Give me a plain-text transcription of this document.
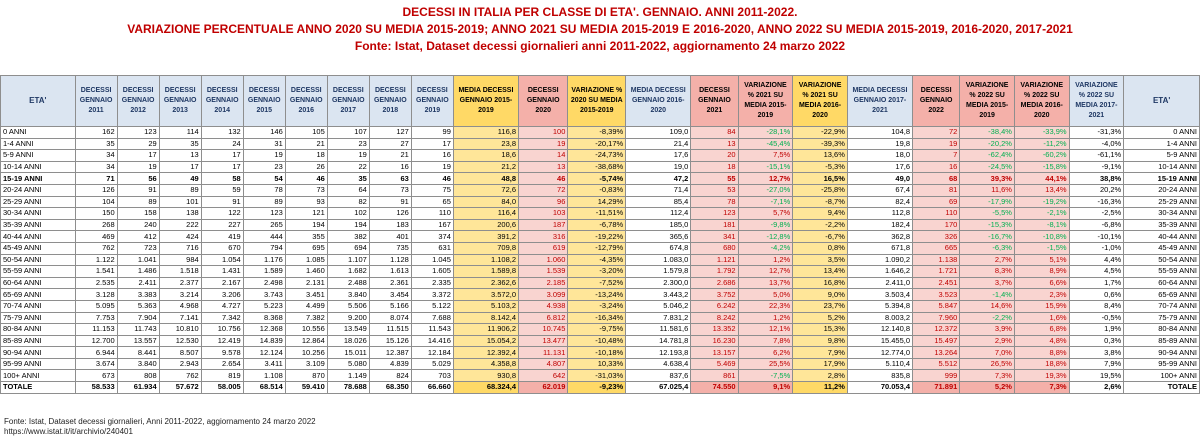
DECESSI IN ITALIA PER CLASSE DI ETA'. GENNAIO. ANNI 2011-2022.
VARIAZIONE PERCENTUALE ANNO 2020 SU MEDIA 2015-2019; ANNO 2021 SU MEDIA 2015-2019 E 2016-2020, ANNO 2022 SU MEDIA 2015-2019, 2016-2020, 2017-2021
Fonte: Istat, Dataset decessi giornalieri anni 2011-2022, aggiornamento 24 marzo 2022
ETA'	DECESSI GENNAIO 2011	DECESSI GENNAIO 2012	DECESSI GENNAIO 2013	DECESSI GENNAIO 2014	DECESSI GENNAIO 2015	DECESSI GENNAIO 2016	DECESSI GENNAIO 2017	DECESSI GENNAIO 2018	DECESSI GENNAIO 2019	MEDIA DECESSI GENNAIO 2015-2019	DECESSI GENNAIO 2020	VARIAZIONE % 2020 SU MEDIA 2015-2019	MEDIA DECESSI GENNAIO 2016-2020	DECESSI GENNAIO 2021	VARIAZIONE % 2021 SU MEDIA 2015-2019	VARIAZIONE % 2021 SU MEDIA 2016-2020	MEDIA DECESSI GENNAIO 2017-2021	DECESSI GENNAIO 2022	VARIAZIONE % 2022 SU MEDIA 2015-2019	VARIAZIONE % 2022 SU MEDIA 2016-2020	VARIAZIONE % 2022 SU MEDIA 2017-2021	ETA'
0 ANNI	162	123	114	132	146	105	107	127	99	116,8	100	-8,39%	109,0	84	-28,1%	-22,9%	104,8	72	-38,4%	-33,9%	-31,3%	0 ANNI
1-4 ANNI	35	29	35	24	31	21	23	27	17	23,8	19	-20,17%	21,4	13	-45,4%	-39,3%	19,8	19	-20,2%	-11,2%	-4,0%	1-4 ANNI
5-9 ANNI	34	17	13	17	19	18	19	21	16	18,6	14	-24,73%	17,6	20	7,5%	13,6%	18,0	7	-62,4%	-60,2%	-61,1%	5-9 ANNI
10-14 ANNI	34	19	17	17	23	26	22	16	19	21,2	13	-38,68%	19,0	18	-15,1%	-5,3%	17,6	16	-24,5%	-15,8%	-9,1%	10-14 ANNI
15-19 ANNI	71	56	49	58	54	46	35	63	46	48,8	46	-5,74%	47,2	55	12,7%	16,5%	49,0	68	39,3%	44,1%	38,8%	15-19 ANNI
20-24 ANNI	126	91	89	59	78	73	64	73	75	72,6	72	-0,83%	71,4	53	-27,0%	-25,8%	67,4	81	11,6%	13,4%	20,2%	20-24 ANNI
25-29 ANNI	104	89	101	91	89	93	82	91	65	84,0	96	14,29%	85,4	78	-7,1%	-8,7%	82,4	69	-17,9%	-19,2%	-16,3%	25-29 ANNI
30-34 ANNI	150	158	138	122	123	121	102	126	110	116,4	103	-11,51%	112,4	123	5,7%	9,4%	112,8	110	-5,5%	-2,1%	-2,5%	30-34 ANNI
35-39 ANNI	268	240	222	227	265	194	194	183	167	200,6	187	-6,78%	185,0	181	-9,8%	-2,2%	182,4	170	-15,3%	-8,1%	-6,8%	35-39 ANNI
40-44 ANNI	469	412	424	419	444	355	382	401	374	391,2	316	-19,22%	365,6	341	-12,8%	-6,7%	362,8	326	-16,7%	-10,8%	-10,1%	40-44 ANNI
45-49 ANNI	762	723	716	670	794	695	694	735	631	709,8	619	-12,79%	674,8	680	-4,2%	0,8%	671,8	665	-6,3%	-1,5%	-1,0%	45-49 ANNI
50-54 ANNI	1.122	1.041	984	1.054	1.176	1.085	1.107	1.128	1.045	1.108,2	1.060	-4,35%	1.083,0	1.121	1,2%	3,5%	1.090,2	1.138	2,7%	5,1%	4,4%	50-54 ANNI
55-59 ANNI	1.541	1.486	1.518	1.431	1.589	1.460	1.682	1.613	1.605	1.589,8	1.539	-3,20%	1.579,8	1.792	12,7%	13,4%	1.646,2	1.721	8,3%	8,9%	4,5%	55-59 ANNI
60-64 ANNI	2.535	2.411	2.377	2.167	2.498	2.131	2.488	2.361	2.335	2.362,6	2.185	-7,52%	2.300,0	2.686	13,7%	16,8%	2.411,0	2.451	3,7%	6,6%	1,7%	60-64 ANNI
65-69 ANNI	3.128	3.383	3.214	3.206	3.743	3.451	3.840	3.454	3.372	3.572,0	3.099	-13,24%	3.443,2	3.752	5,0%	9,0%	3.503,4	3.523	-1,4%	2,3%	0,6%	65-69 ANNI
70-74 ANNI	5.095	5.363	4.968	4.727	5.223	4.499	5.506	5.166	5.122	5.103,2	4.938	-3,24%	5.046,2	6.242	22,3%	23,7%	5.394,8	5.847	14,6%	15,9%	8,4%	70-74 ANNI
75-79 ANNI	7.753	7.904	7.141	7.342	8.368	7.382	9.200	8.074	7.688	8.142,4	6.812	-16,34%	7.831,2	8.242	1,2%	5,2%	8.003,2	7.960	-2,2%	1,6%	-0,5%	75-79 ANNI
80-84 ANNI	11.153	11.743	10.810	10.756	12.368	10.556	13.549	11.515	11.543	11.906,2	10.745	-9,75%	11.581,6	13.352	12,1%	15,3%	12.140,8	12.372	3,9%	6,8%	1,9%	80-84 ANNI
85-89 ANNI	12.700	13.557	12.530	12.419	14.839	12.864	18.026	15.126	14.416	15.054,2	13.477	-10,48%	14.781,8	16.230	7,8%	9,8%	15.455,0	15.497	2,9%	4,8%	0,3%	85-89 ANNI
90-94 ANNI	6.944	8.441	8.507	9.578	12.124	10.256	15.011	12.387	12.184	12.392,4	11.131	-10,18%	12.193,8	13.157	6,2%	7,9%	12.774,0	13.264	7,0%	8,8%	3,8%	90-94 ANNI
95-99 ANNI	3.674	3.840	2.943	2.654	3.411	3.109	5.080	4.839	5.029	4.358,8	4.807	10,33%	4.638,4	5.469	25,5%	17,9%	5.110,4	5.512	26,5%	18,8%	7,9%	95-99 ANNI
100+ ANNI	673	808	762	819	1.108	870	1.149	824	703	930,8	642	-31,03%	837,6	861	-7,5%	2,8%	835,8	999	7,3%	19,3%	19,5%	100+ ANNI
TOTALE	58.533	61.934	57.672	58.005	68.514	59.410	78.688	68.350	66.660	68.324,4	62.019	-9,23%	67.025,4	74.550	9,1%	11,2%	70.053,4	71.891	5,2%	7,3%	2,6%	TOTALE
Fonte: Istat, Dataset decessi giornalieri, Anni 2011-2022, aggiornamento 24 marzo 2022
https://www.istat.it/it/archivio/240401
